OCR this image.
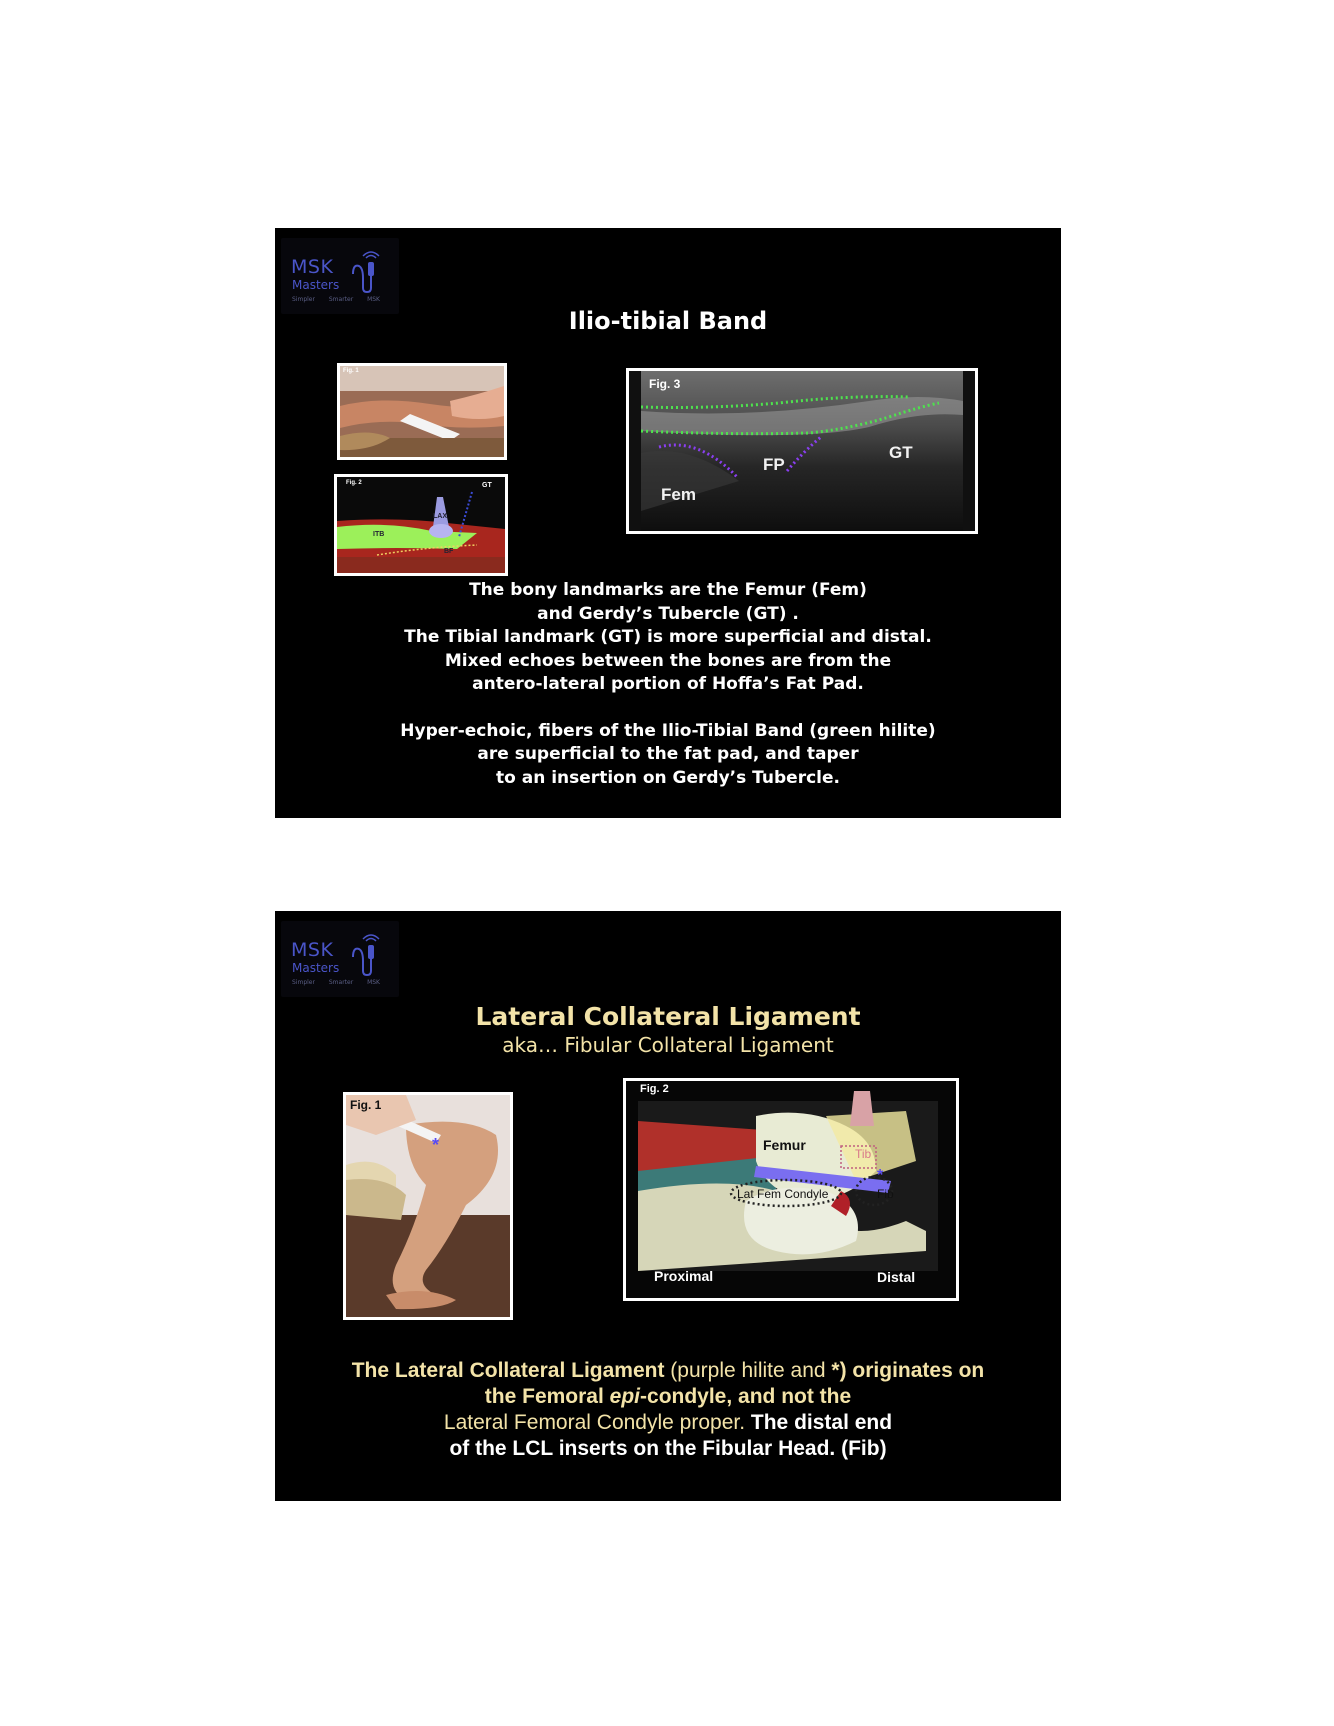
MSK
Masters
Simpler Smarter MSK
Ilio-tibial Band
Fig. 1
Fig. 2	GT
LAX
ITB
BF
Fig. 3
Fem
FP
GT

The bony landmarks are the Femur (Fem)

and Gerdy’s Tubercle (GT) .

The Tibial landmark (GT) is more superficial and distal.

Mixed echoes between the bones are from the

antero-lateral portion of Hoffa’s Fat Pad.

Hyper-echoic, fibers of the Ilio-Tibial Band (green hilite)

are superficial to the fat pad, and taper

to an insertion on Gerdy’s Tubercle.

MSK
Masters
Simpler Smarter MSK
Lateral Collateral Ligament
aka… Fibular Collateral Ligament
Fig. 1
*
Fig. 2
Femur
Tib
Lat Fem Condyle	Fib
*
Proximal	Distal

The Lateral Collateral Ligament (purple hilite and *) originates on

the Femoral epi-condyle, and not the

Lateral Femoral Condyle proper. The distal end

of the LCL inserts on the Fibular Head. (Fib)
